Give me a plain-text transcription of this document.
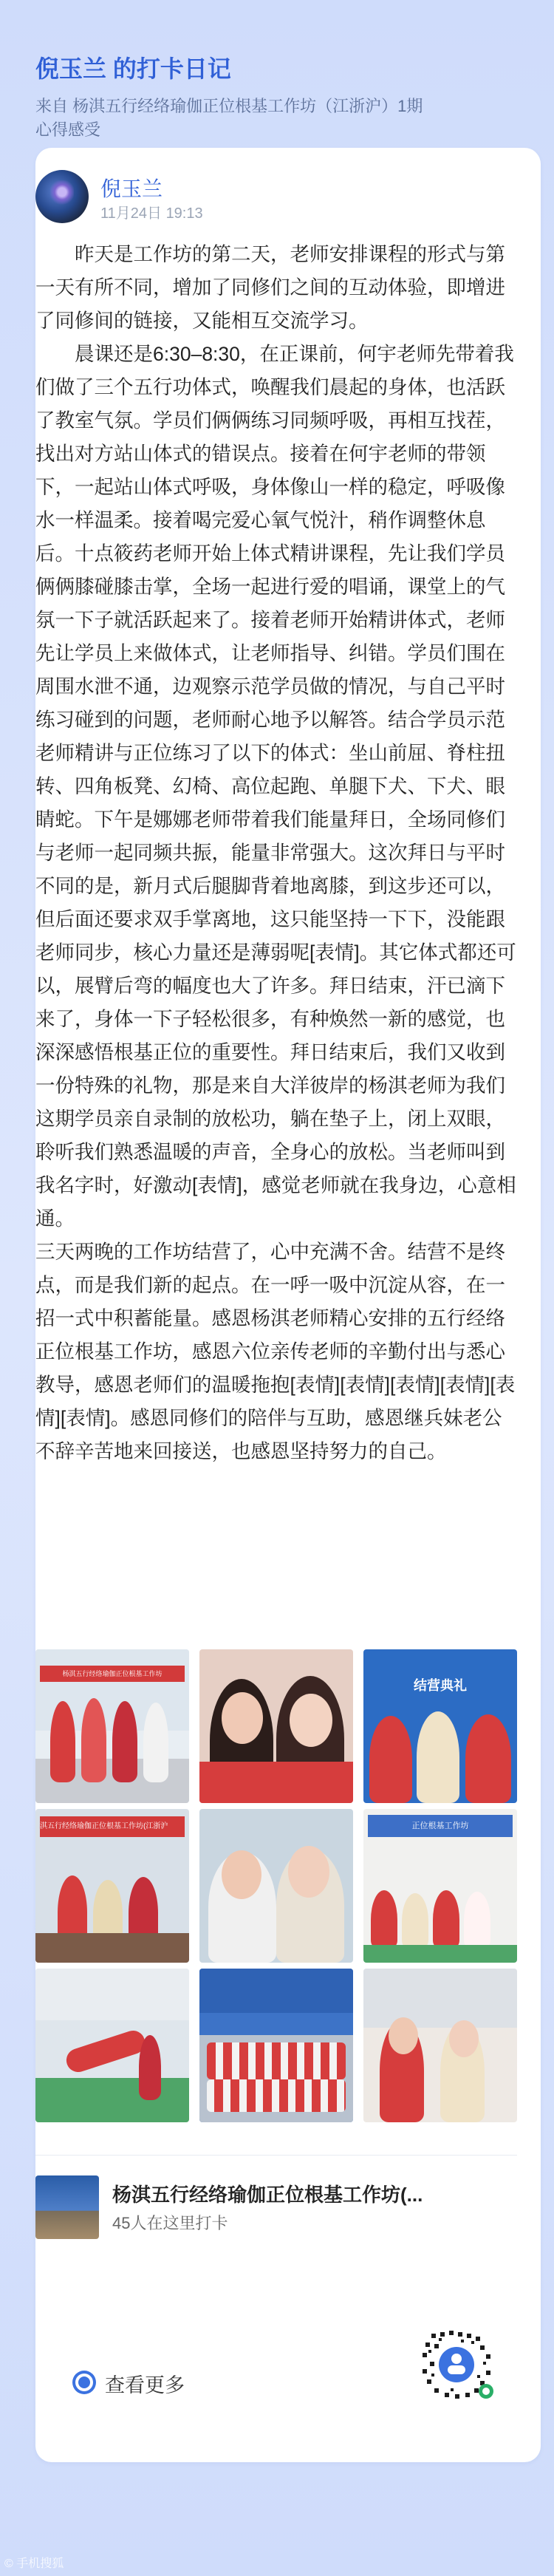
倪玉兰 的打卡日记
来自 杨淇五行经络瑜伽正位根基工作坊（江浙沪）1期
心得感受
倪玉兰
11月24日 19:13

昨天是工作坊的第二天，老师安排课程的形式与第一天有所不同，增加了同修们之间的互动体验，即增进了同修间的链接，又能相互交流学习。

晨课还是6:30–8:30，在正课前，何宇老师先带着我们做了三个五行功体式，唤醒我们晨起的身体，也活跃了教室气氛。学员们俩俩练习同频呼吸，再相互找茬，找出对方站山体式的错误点。接着在何宇老师的带领下，一起站山体式呼吸，身体像山一样的稳定，呼吸像水一样温柔。接着喝完爱心氧气悦汁，稍作调整休息后。十点筱药老师开始上体式精讲课程，先让我们学员俩俩膝碰膝击掌，全场一起进行爱的唱诵，课堂上的气氛一下子就活跃起来了。接着老师开始精讲体式，老师先让学员上来做体式，让老师指导、纠错。学员们围在周围水泄不通，边观察示范学员做的情况，与自己平时练习碰到的问题，老师耐心地予以解答。结合学员示范老师精讲与正位练习了以下的体式：坐山前屈、脊柱扭转、四角板凳、幻椅、高位起跑、单腿下犬、下犬、眼睛蛇。下午是娜娜老师带着我们能量拜日，全场同修们与老师一起同频共振，能量非常强大。这次拜日与平时不同的是，新月式后腿脚背着地离膝，到这步还可以，但后面还要求双手掌离地，这只能坚持一下下，没能跟老师同步，核心力量还是薄弱呢[表情]。其它体式都还可以，展臂后弯的幅度也大了许多。拜日结束，汗已滴下来了，身体一下子轻松很多，有种焕然一新的感觉，也深深感悟根基正位的重要性。拜日结束后，我们又收到一份特殊的礼物，那是来自大洋彼岸的杨淇老师为我们这期学员亲自录制的放松功，躺在垫子上，闭上双眼，聆听我们熟悉温暖的声音，全身心的放松。当老师叫到我名字时，好激动[表情]，感觉老师就在我身边，心意相通。

三天两晚的工作坊结营了，心中充满不舍。结营不是终点，而是我们新的起点。在一呼一吸中沉淀从容，在一招一式中积蓄能量。感恩杨淇老师精心安排的五行经络正位根基工作坊，感恩六位亲传老师的辛勤付出与悉心教导，感恩老师们的温暖拖抱[表情][表情][表情][表情][表情][表情]。感恩同修们的陪伴与互助，感恩继兵妹老公不辞辛苦地来回接送，也感恩坚持努力的自己。

杨淇五行经络瑜伽正位根基工作坊
结营典礼
淇五行经络瑜伽正位根基工作坊(江浙沪	正位根基工作坊
杨淇五行经络瑜伽正位根基工作坊(...
45人在这里打卡
查看更多
© 手机搜狐
